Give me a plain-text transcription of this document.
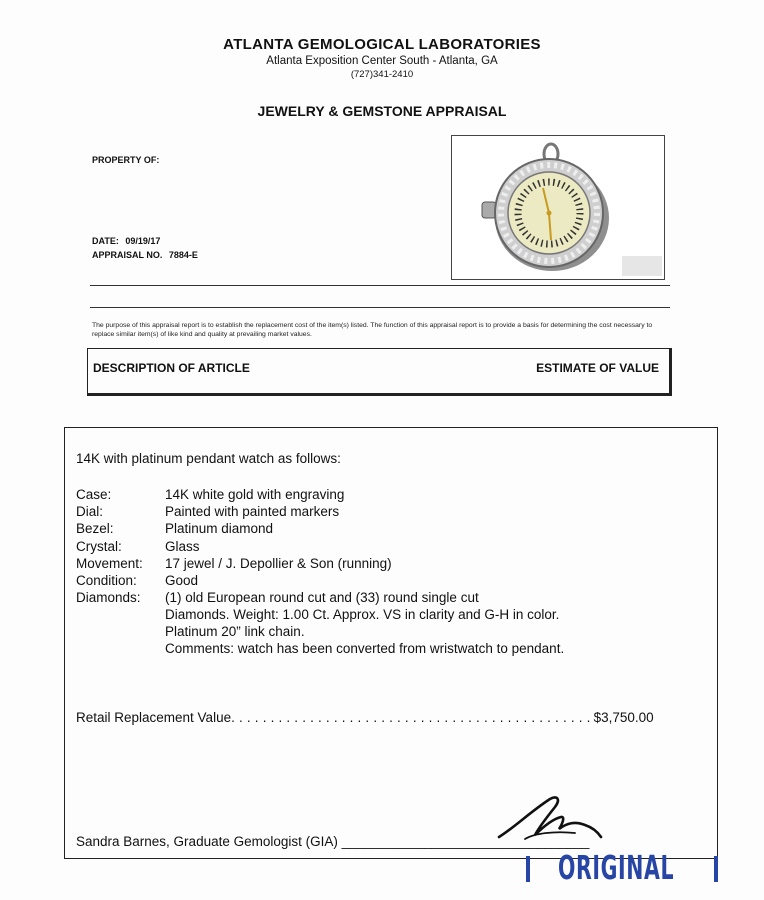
ATLANTA GEMOLOGICAL LABORATORIES
Atlanta Exposition Center South - Atlanta, GA
(727)341-2410
JEWELRY & GEMSTONE APPRAISAL
PROPERTY OF:
DATE: 09/19/17
APPRAISAL NO. 7884-E
The purpose of this appraisal report is to establish the replacement cost of the item(s) listed. The function of this appraisal report is to provide a basis for determining the cost necessary to replace similar item(s) of like kind and quality at prevailing market values.
DESCRIPTION OF ARTICLE	ESTIMATE OF VALUE
14K with platinum pendant watch as follows:
Case:	14K white gold with engraving
Dial:	Painted with painted markers
Bezel:	Platinum diamond
Crystal:	Glass
Movement:	17 jewel / J. Depollier & Son (running)
Condition:	Good
Diamonds:	(1) old European round cut and (33) round single cut
Diamonds. Weight: 1.00 Ct. Approx. VS in clarity and G-H in color.
Platinum 20” link chain.
Comments: watch has been converted from wristwatch to pendant.
Retail Replacement Value. . . . . . . . . . . . . . . . . . . . . . . . . . . . . . . . . . . . . . . . . . . . . . $3,750.00
Sandra Barnes, Graduate Gemologist (GIA) _________________________________
ORIGINAL
